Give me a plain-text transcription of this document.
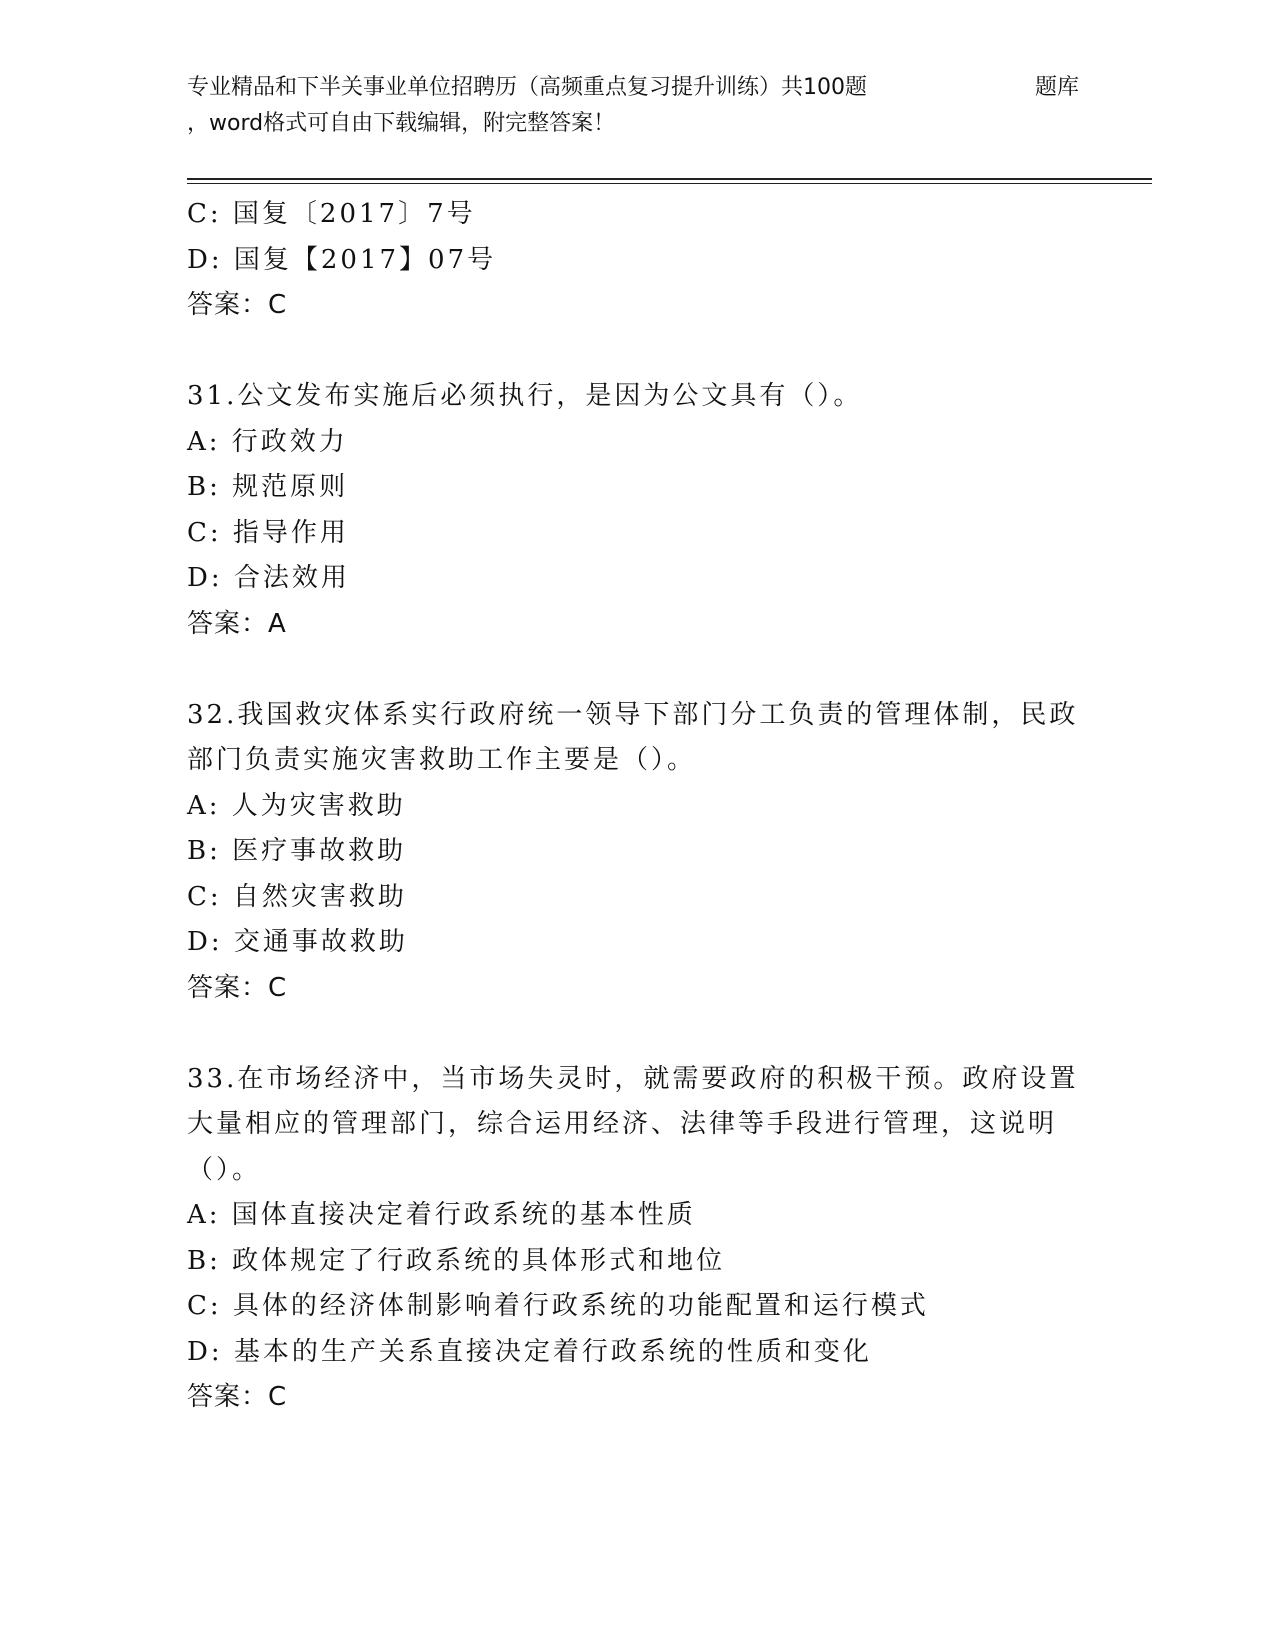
专业精品和下半关事业单位招聘历（高频重点复习提升训练）共100题	题库
，word格式可自由下载编辑，附完整答案！
C: 国复〔2017〕7号
D: 国复【2017】07号
答案：C
31.公文发布实施后必须执行，是因为公文具有（）。
A: 行政效力
B: 规范原则
C: 指导作用
D: 合法效用
答案：A
32.我国救灾体系实行政府统一领导下部门分工负责的管理体制，民政
部门负责实施灾害救助工作主要是（）。
A: 人为灾害救助
B: 医疗事故救助
C: 自然灾害救助
D: 交通事故救助
答案：C
33.在市场经济中，当市场失灵时，就需要政府的积极干预。政府设置
大量相应的管理部门，综合运用经济、法律等手段进行管理，这说明
（）。
A: 国体直接决定着行政系统的基本性质
B: 政体规定了行政系统的具体形式和地位
C: 具体的经济体制影响着行政系统的功能配置和运行模式
D: 基本的生产关系直接决定着行政系统的性质和变化
答案：C
